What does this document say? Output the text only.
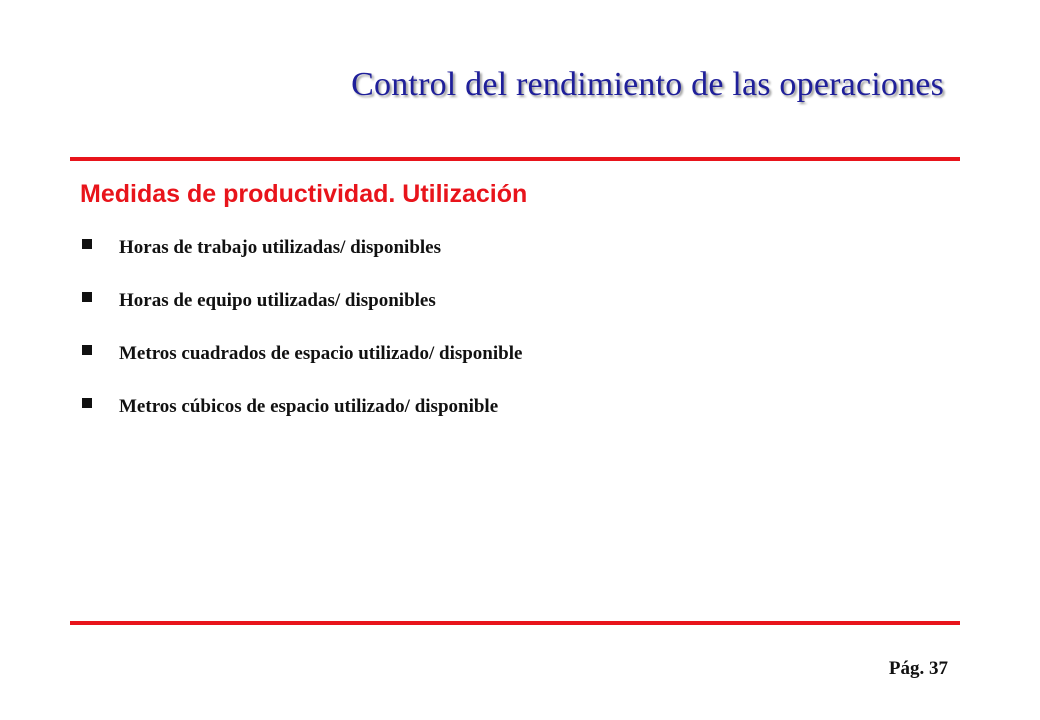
Control del rendimiento de las operaciones
Medidas de productividad. Utilización
Horas de trabajo utilizadas/ disponibles
Horas de equipo utilizadas/ disponibles
Metros cuadrados de espacio utilizado/ disponible
Metros cúbicos de espacio utilizado/ disponible
Pág. 37
